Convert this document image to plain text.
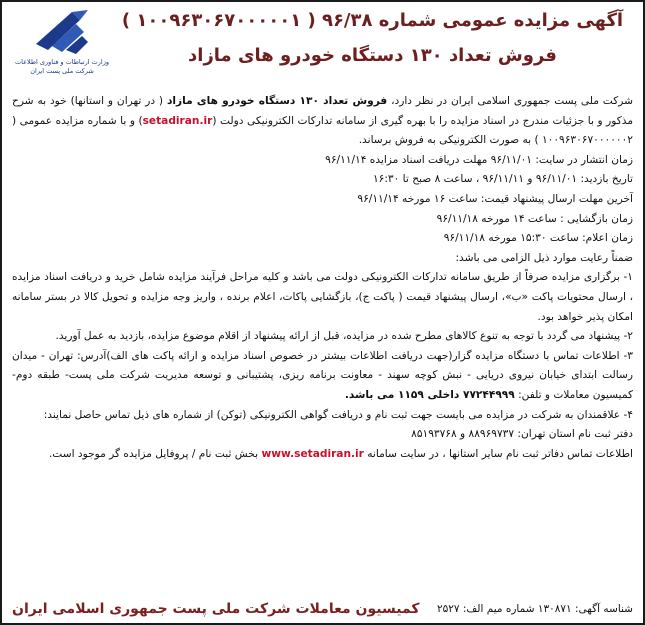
آگهی مزایده عمومی شماره ۹۶/۳۸ ( ۱۰۰۹۶۳۰۶۷۰۰۰۰۰۱ )
فروش تعداد ۱۳۰ دستگاه خودرو های مازاد
وزارت ارتباطات و فناوری اطلاعات
شرکت ملی پست ایران

شرکت ملی پست جمهوری اسلامی ایران در نظر دارد، فروش تعداد ۱۳۰ دستگاه خودرو های مازاد ( در تهران و استانها) خود به شرح مذکور و با جزئیات مندرج در اسناد مزایده را با بهره گیری از سامانه تدارکات الکترونیکی دولت (setadiran.ir) و با شماره مزایده عمومی ( ۱۰۰۹۶۳۰۶۷۰۰۰۰۰۰۲ ) به صورت الکترونیکی به فروش برساند.

زمان انتشار در سایت: ۹۶/۱۱/۰۱ مهلت دریافت اسناد مزایده ۹۶/۱۱/۱۴

تاریخ بازدید: ۹۶/۱۱/۰۱ و ۹۶/۱۱/۱۱ ، ساعت ۸ صبح تا ۱۶:۳۰

آخرین مهلت ارسال پیشنهاد قیمت: ساعت ۱۶ مورخه ۹۶/۱۱/۱۴

زمان بازگشایی : ساعت ۱۴ مورخه ۹۶/۱۱/۱۸

زمان اعلام: ساعت ۱۵:۳۰ مورخه ۹۶/۱۱/۱۸

ضمناً رعایت موارد ذیل الزامی می باشد:

۱- برگزاری مزایده صرفاً از طریق سامانه تدارکات الکترونیکی دولت می باشد و کلیه مراحل فرآیند مزایده شامل خرید و دریافت اسناد مزایده ، ارسال محتویات پاکت «ب»، ارسال پیشنهاد قیمت ( پاکت ج)، بازگشایی پاکات، اعلام برنده ، واریز وجه مزایده و تحویل کالا در بستر سامانه امکان پذیر خواهد بود.

۲- پیشنهاد می گردد با توجه به تنوع کالاهای مطرح شده در مزایده، قبل از ارائه پیشنهاد از اقلام موضوع مزایده، بازدید به عمل آورید.

۳- اطلاعات تماس با دستگاه مزایده گزار(جهت دریافت اطلاعات بیشتر در خصوص اسناد مزایده و ارائه پاکت های الف)آدرس: تهران - میدان رسالت ابتدای خیابان نیروی دریایی - نبش کوچه سهند - معاونت برنامه ریزی، پشتیبانی و توسعه مدیریت شرکت ملی پست- طبقه دوم- کمیسیون معاملات و تلفن: ۷۷۲۴۴۹۹۹ داخلی ۱۱۵۹ می باشد.

۴- علاقمندان به شرکت در مزایده می بایست جهت ثبت نام و دریافت گواهی الکترونیکی (توکن) از شماره های ذیل تماس حاصل نمایند:

دفتر ثبت نام استان تهران: ۸۸۹۶۹۷۳۷ و ۸۵۱۹۳۷۶۸

اطلاعات تماس دفاتر ثبت نام سایر استانها ، در سایت سامانه www.setadiran.ir بخش ثبت نام / پروفایل مزایده گر موجود است.

شناسه آگهی: ۱۳۰۸۷۱ شماره میم الف: ۲۵۲۷
کمیسیون معاملات شرکت ملی پست جمهوری اسلامی ایران
